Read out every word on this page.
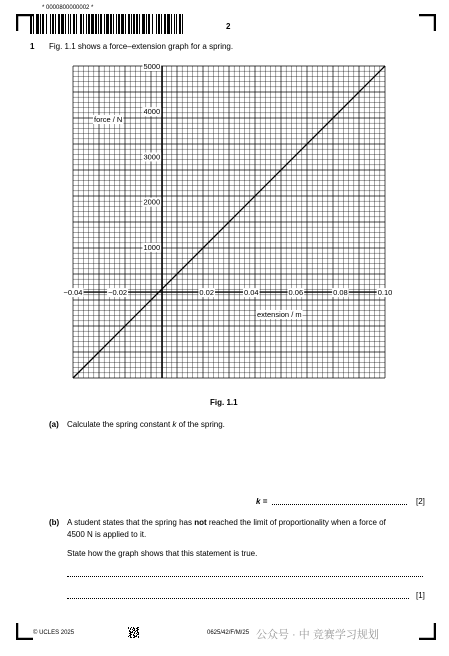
* 0000800000002 *
2
1 Fig. 1.1 shows a force–extension graph for a spring.
−0.04	−0.02	0.02	0.04	0.06	0.08	0.10
1000
2000
3000
4000
5000
force / N
extension / m
Fig. 1.1
(a) Calculate the spring constant k of the spring.
k =	[2]
(b) A student states that the spring has not reached the limit of proportionality when a force of
4500 N is applied to it.
State how the graph shows that this statement is true.
[1]
© UCLES 2025	0625/42/F/M/25 公众号 · 中 竞赛学习规划
